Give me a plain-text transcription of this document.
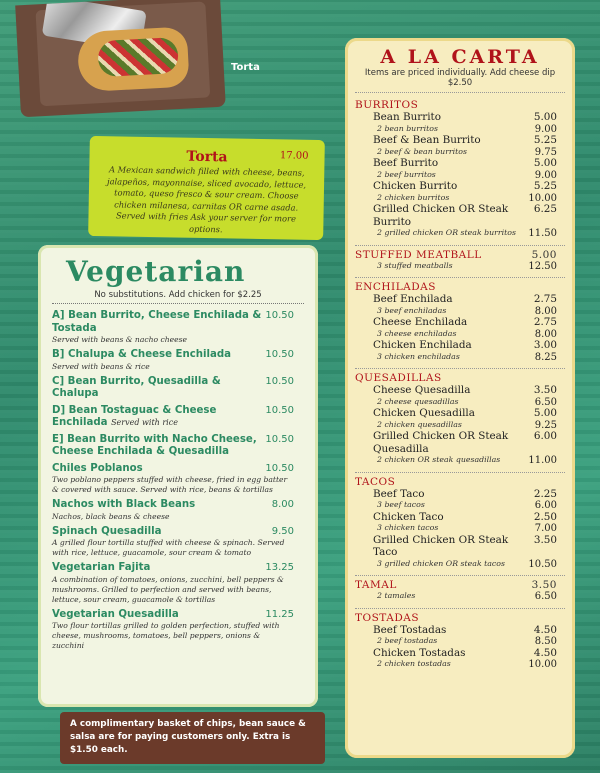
Torta
Torta	17.00
A Mexican sandwich filled with cheese, beans, jalapeños, mayonnaise, sliced avocado, lettuce, tomato, queso fresco & sour cream. Choose chicken milanesa, carnitas OR carne asada. Served with fries Ask your server for more options.
Vegetarian
No substitutions. Add chicken for $2.25
A] Bean Burrito, Cheese Enchilada & Tostada
10.50
Served with beans & nacho cheese
B] Chalupa & Cheese Enchilada	10.50
Served with beans & rice
C] Bean Burrito, Quesadilla & Chalupa
10.50
D] Bean Tostaguac & Cheese Enchilada Served with rice
10.50
E] Bean Burrito with Nacho Cheese, Cheese Enchilada & Quesadilla
10.50
Chiles Poblanos	10.50
Two poblano peppers stuffed with cheese, fried in egg batter & covered with sauce. Served with rice, beans & tortillas
Nachos with Black Beans	8.00
Nachos, black beans & cheese
Spinach Quesadilla	9.50
A grilled flour tortilla stuffed with cheese & spinach. Served with rice, lettuce, guacamole, sour cream & tomato
Vegetarian Fajita	13.25
A combination of tomatoes, onions, zucchini, bell peppers & mushrooms. Grilled to perfection and served with beans, lettuce, sour cream, guacamole & tortillas
Vegetarian Quesadilla	11.25
Two flour tortillas grilled to golden perfection, stuffed with cheese, mushrooms, tomatoes, bell peppers, onions & zucchini
A complimentary basket of chips, bean sauce & salsa are for paying customers only. Extra is $1.50 each.
A LA CARTA
Items are priced individually. Add cheese dip $2.50
BURRITOS
Bean Burrito	5.00
2 bean burritos	9.00
Beef & Bean Burrito	5.25
2 beef & bean burritos	9.75
Beef Burrito	5.00
2 beef burritos	9.00
Chicken Burrito	5.25
2 chicken burritos	10.00
Grilled Chicken OR Steak Burrito
6.25
2 grilled chicken OR steak burritos 11.50
STUFFED MEATBALL	5.00
3 stuffed meatballs	12.50
ENCHILADAS
Beef Enchilada	2.75
3 beef enchiladas	8.00
Cheese Enchilada	2.75
3 cheese enchiladas	8.00
Chicken Enchilada	3.00
3 chicken enchiladas	8.25
QUESADILLAS
Cheese Quesadilla	3.50
2 cheese quesadillas	6.50
Chicken Quesadilla	5.00
2 chicken quesadillas	9.25
Grilled Chicken OR Steak Quesadilla
6.00
2 chicken OR steak quesadillas	11.00
TACOS
Beef Taco	2.25
3 beef tacos	6.00
Chicken Taco	2.50
3 chicken tacos	7.00
Grilled Chicken OR Steak Taco
3.50
3 grilled chicken OR steak tacos 10.50
TAMAL	3.50
2 tamales	6.50
TOSTADAS
Beef Tostadas	4.50
2 beef tostadas	8.50
Chicken Tostadas	4.50
2 chicken tostadas	10.00
